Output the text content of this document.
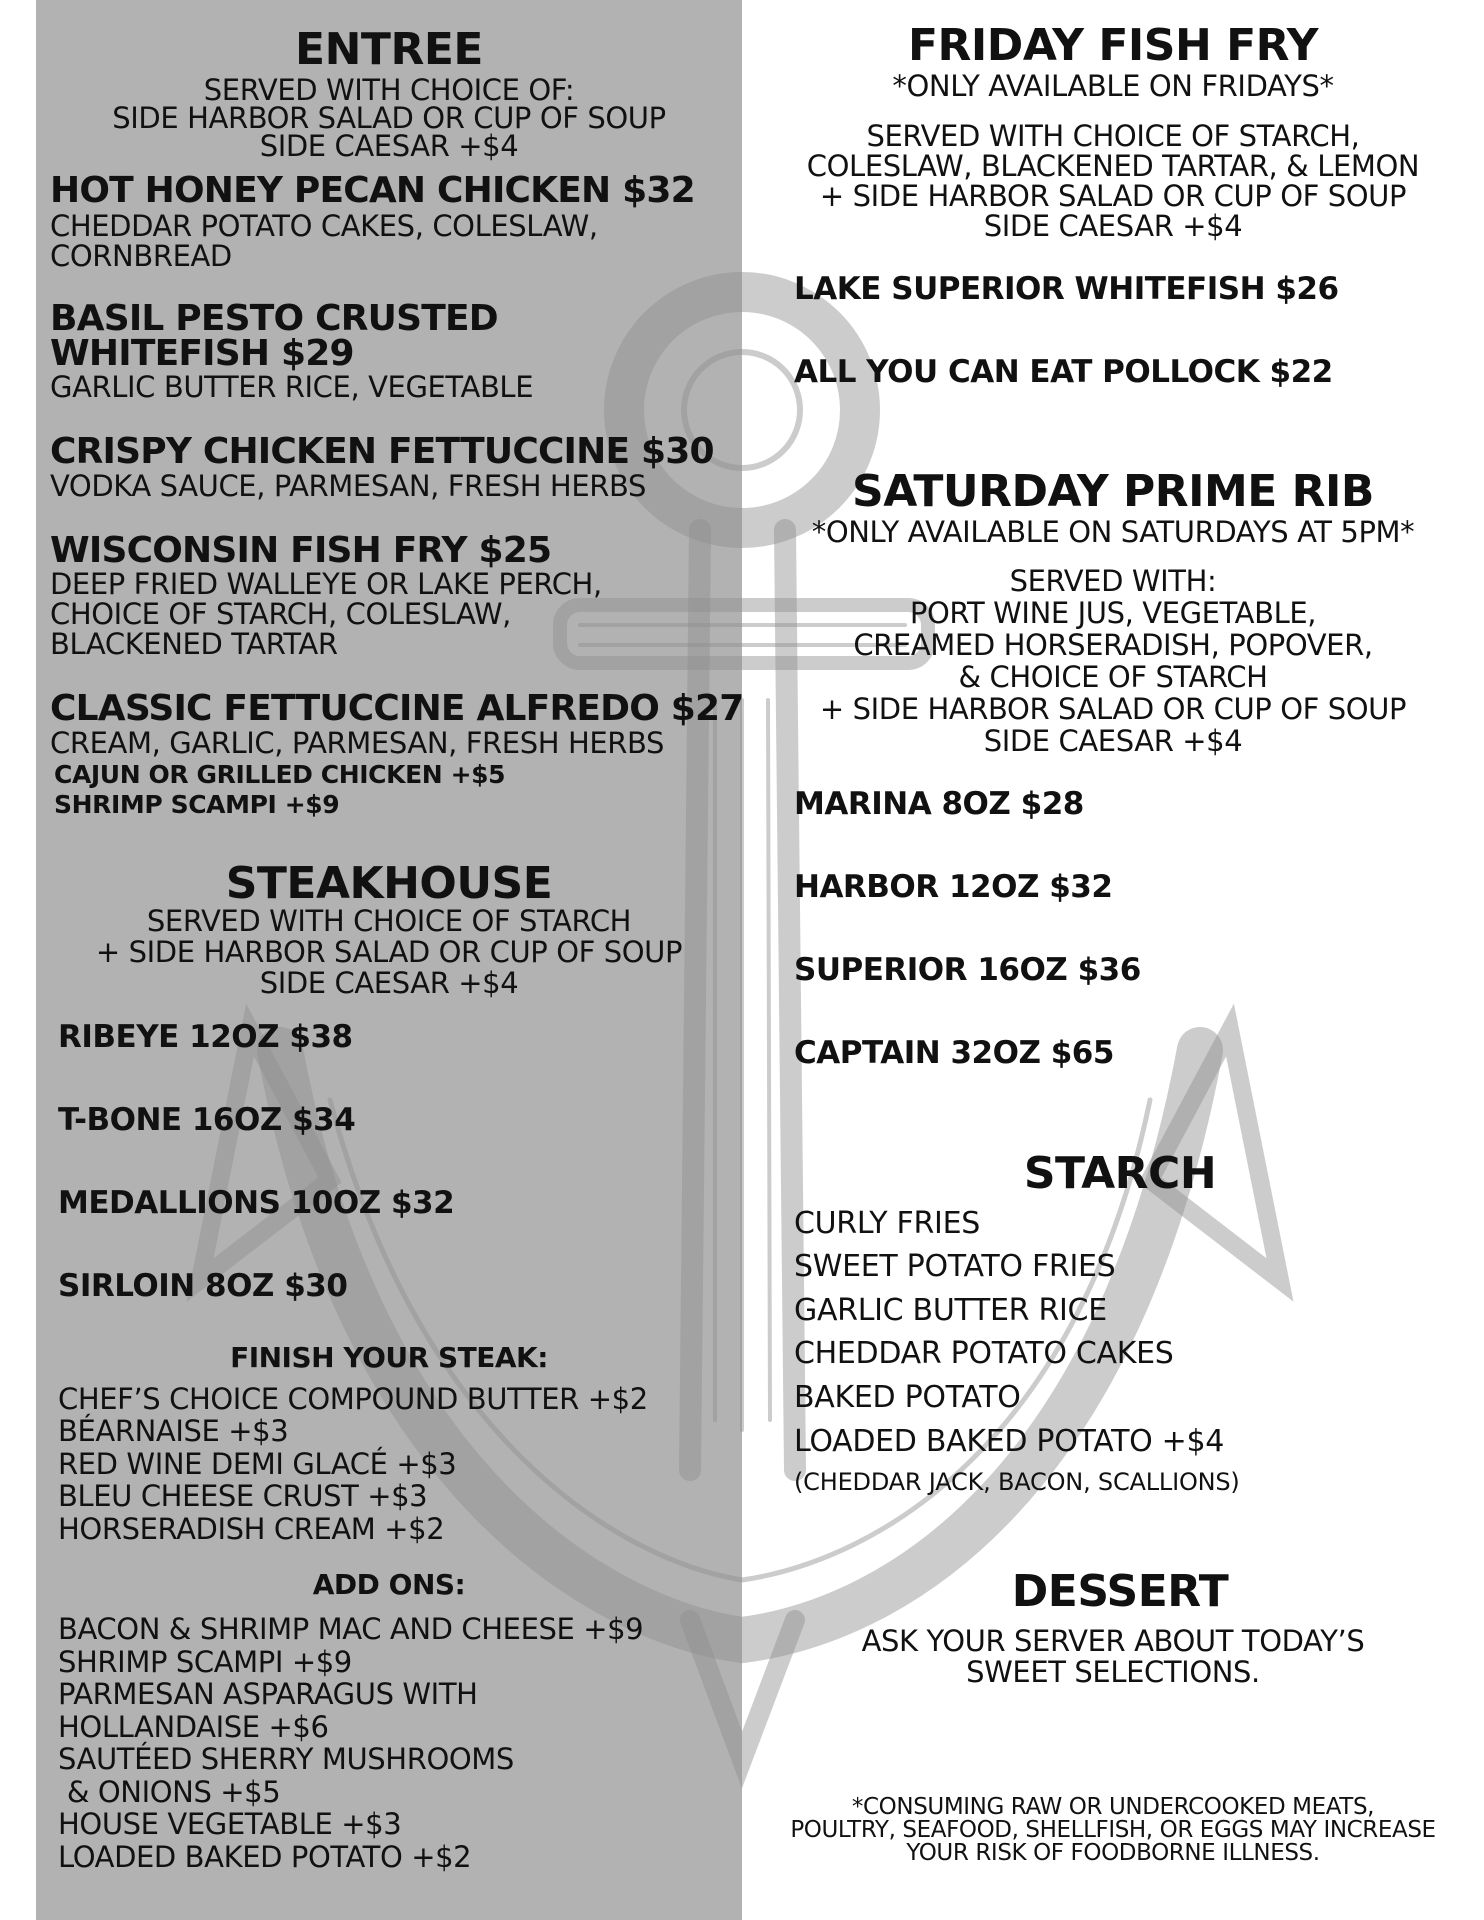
ENTREE
SERVED WITH CHOICE OF:
SIDE HARBOR SALAD OR CUP OF SOUP
SIDE CAESAR +$4
HOT HONEY PECAN CHICKEN $32
CHEDDAR POTATO CAKES, COLESLAW,
CORNBREAD
BASIL PESTO CRUSTED
WHITEFISH $29
GARLIC BUTTER RICE, VEGETABLE
CRISPY CHICKEN FETTUCCINE $30
VODKA SAUCE, PARMESAN, FRESH HERBS
WISCONSIN FISH FRY $25
DEEP FRIED WALLEYE OR LAKE PERCH,
CHOICE OF STARCH, COLESLAW,
BLACKENED TARTAR
CLASSIC FETTUCCINE ALFREDO $27
CREAM, GARLIC, PARMESAN, FRESH HERBS
CAJUN OR GRILLED CHICKEN +$5
SHRIMP SCAMPI +$9
STEAKHOUSE
SERVED WITH CHOICE OF STARCH
+ SIDE HARBOR SALAD OR CUP OF SOUP
SIDE CAESAR +$4
RIBEYE 12OZ $38
T-BONE 16OZ $34
MEDALLIONS 10OZ $32
SIRLOIN 8OZ $30
FINISH YOUR STEAK:
CHEF’S CHOICE COMPOUND BUTTER +$2
BÉARNAISE +$3
RED WINE DEMI GLACÉ +$3
BLEU CHEESE CRUST +$3
HORSERADISH CREAM +$2
ADD ONS:
BACON & SHRIMP MAC AND CHEESE +$9
SHRIMP SCAMPI +$9
PARMESAN ASPARAGUS WITH
HOLLANDAISE +$6
SAUTÉED SHERRY MUSHROOMS
& ONIONS +$5
HOUSE VEGETABLE +$3
LOADED BAKED POTATO +$2
FRIDAY FISH FRY
*ONLY AVAILABLE ON FRIDAYS*
SERVED WITH CHOICE OF STARCH,
COLESLAW, BLACKENED TARTAR, & LEMON
+ SIDE HARBOR SALAD OR CUP OF SOUP
SIDE CAESAR +$4
LAKE SUPERIOR WHITEFISH $26
ALL YOU CAN EAT POLLOCK $22
SATURDAY PRIME RIB
*ONLY AVAILABLE ON SATURDAYS AT 5PM*
SERVED WITH:
PORT WINE JUS, VEGETABLE,
CREAMED HORSERADISH, POPOVER,
& CHOICE OF STARCH
+ SIDE HARBOR SALAD OR CUP OF SOUP
SIDE CAESAR +$4
MARINA 8OZ $28
HARBOR 12OZ $32
SUPERIOR 16OZ $36
CAPTAIN 32OZ $65
STARCH
CURLY FRIES
SWEET POTATO FRIES
GARLIC BUTTER RICE
CHEDDAR POTATO CAKES
BAKED POTATO
LOADED BAKED POTATO +$4
(CHEDDAR JACK, BACON, SCALLIONS)
DESSERT
ASK YOUR SERVER ABOUT TODAY’S
SWEET SELECTIONS.
*CONSUMING RAW OR UNDERCOOKED MEATS,
POULTRY, SEAFOOD, SHELLFISH, OR EGGS MAY INCREASE
YOUR RISK OF FOODBORNE ILLNESS.
